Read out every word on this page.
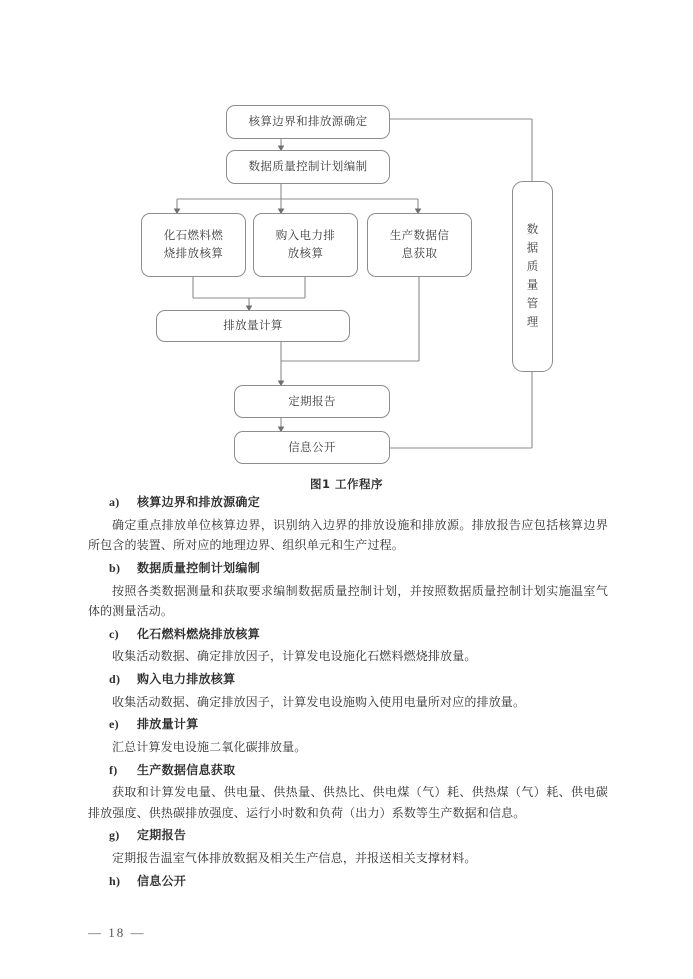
核算边界和排放源确定
数据质量控制计划编制
化石燃料燃
烧排放核算
购入电力排
放核算
生产数据信
息获取
排放量计算
定期报告
信息公开
数据质量管理
图1 工作程序

a) 核算边界和排放源确定

确定重点排放单位核算边界，识别纳入边界的排放设施和排放源。排放报告应包括核算边界所包含的装置、所对应的地理边界、组织单元和生产过程。

b) 数据质量控制计划编制

按照各类数据测量和获取要求编制数据质量控制计划，并按照数据质量控制计划实施温室气体的测量活动。

c) 化石燃料燃烧排放核算

收集活动数据、确定排放因子，计算发电设施化石燃料燃烧排放量。

d) 购入电力排放核算

收集活动数据、确定排放因子，计算发电设施购入使用电量所对应的排放量。

e) 排放量计算

汇总计算发电设施二氧化碳排放量。

f) 生产数据信息获取

获取和计算发电量、供电量、供热量、供热比、供电煤（气）耗、供热煤（气）耗、供电碳排放强度、供热碳排放强度、运行小时数和负荷（出力）系数等生产数据和信息。

g) 定期报告

定期报告温室气体排放数据及相关生产信息，并报送相关支撑材料。

h) 信息公开

— 18 —
